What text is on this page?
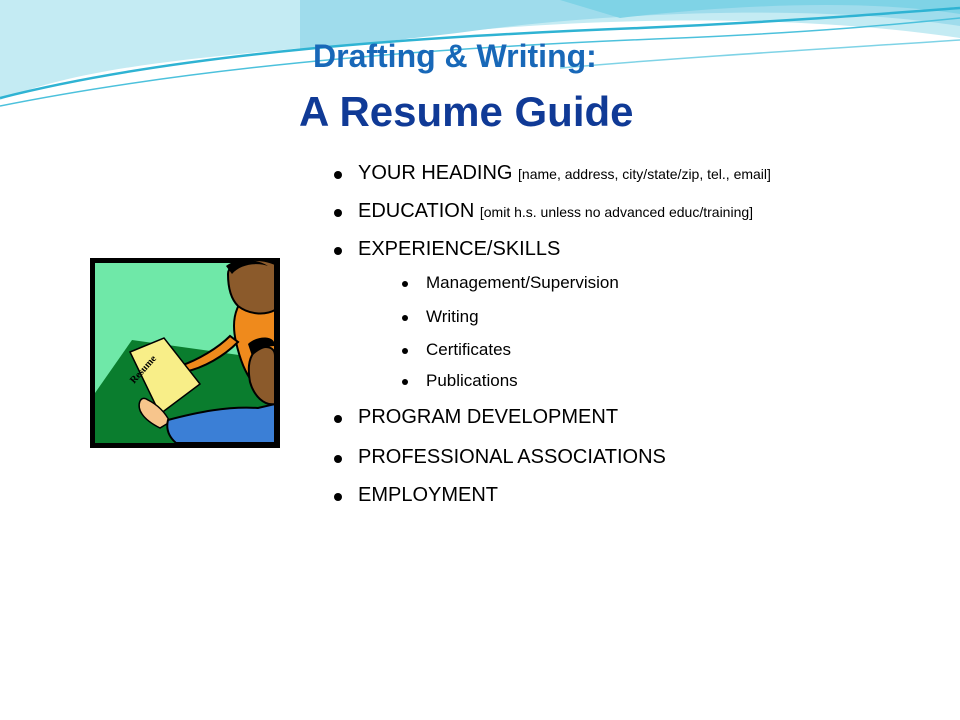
Drafting & Writing:
A Resume Guide
Resume
YOUR HEADING [name, address, city/state/zip, tel., email]
EDUCATION [omit h.s. unless no advanced educ/training]
EXPERIENCE/SKILLS
Management/Supervision
Writing
Certificates
Publications
PROGRAM DEVELOPMENT
PROFESSIONAL ASSOCIATIONS
EMPLOYMENT
